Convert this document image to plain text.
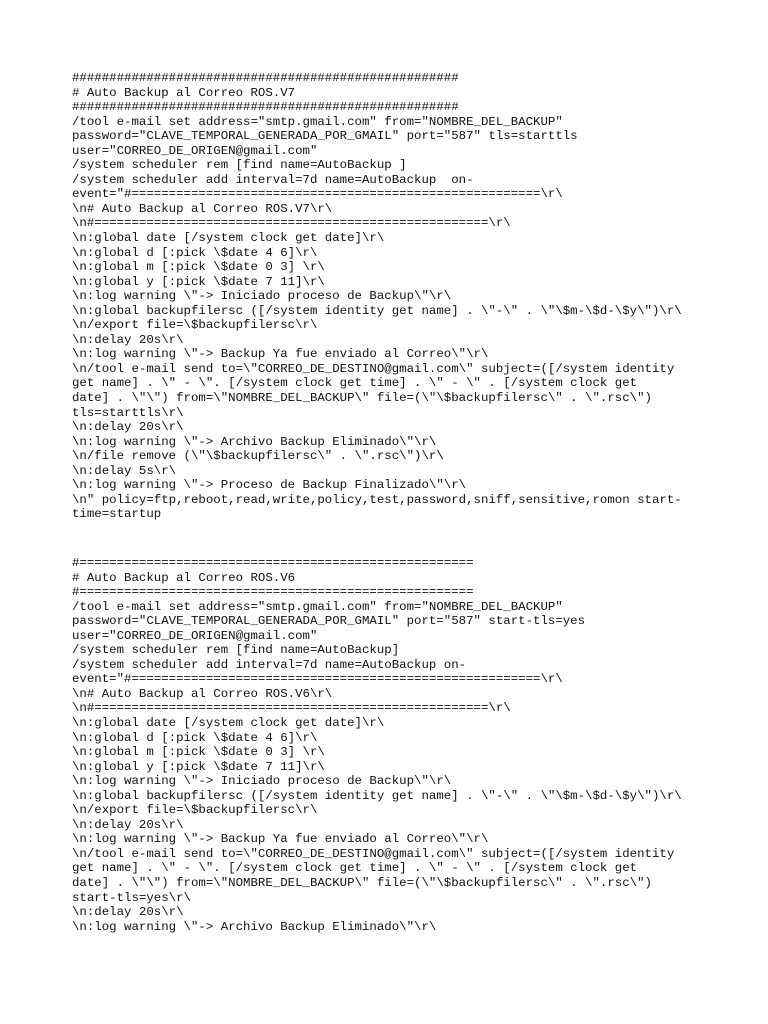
####################################################
# Auto Backup al Correo ROS.V7
####################################################
/tool e-mail set address="smtp.gmail.com" from="NOMBRE_DEL_BACKUP"
password="CLAVE_TEMPORAL_GENERADA_POR_GMAIL" port="587" tls=starttls
user="CORREO_DE_ORIGEN@gmail.com"
/system scheduler rem [find name=AutoBackup ]
/system scheduler add interval=7d name=AutoBackup  on-
event="#=======================================================\r\
\n# Auto Backup al Correo ROS.V7\r\
\n#=====================================================\r\
\n:global date [/system clock get date]\r\
\n:global d [:pick \$date 4 6]\r\
\n:global m [:pick \$date 0 3] \r\
\n:global y [:pick \$date 7 11]\r\
\n:log warning \"-> Iniciado proceso de Backup\"\r\
\n:global backupfilersc ([/system identity get name] . \"-\" . \"\$m-\$d-\$y\")\r\
\n/export file=\$backupfilersc\r\
\n:delay 20s\r\
\n:log warning \"-> Backup Ya fue enviado al Correo\"\r\
\n/tool e-mail send to=\"CORREO_DE_DESTINO@gmail.com\" subject=([/system identity
get name] . \" - \". [/system clock get time] . \" - \" . [/system clock get
date] . \"\") from=\"NOMBRE_DEL_BACKUP\" file=(\"\$backupfilersc\" . \".rsc\")
tls=starttls\r\
\n:delay 20s\r\
\n:log warning \"-> Archivo Backup Eliminado\"\r\
\n/file remove (\"\$backupfilersc\" . \".rsc\")\r\
\n:delay 5s\r\
\n:log warning \"-> Proceso de Backup Finalizado\"\r\
\n" policy=ftp,reboot,read,write,policy,test,password,sniff,sensitive,romon start-
time=startup
#=====================================================
# Auto Backup al Correo ROS.V6
#=====================================================
/tool e-mail set address="smtp.gmail.com" from="NOMBRE_DEL_BACKUP"
password="CLAVE_TEMPORAL_GENERADA_POR_GMAIL" port="587" start-tls=yes
user="CORREO_DE_ORIGEN@gmail.com"
/system scheduler rem [find name=AutoBackup]
/system scheduler add interval=7d name=AutoBackup on-
event="#=======================================================\r\
\n# Auto Backup al Correo ROS.V6\r\
\n#=====================================================\r\
\n:global date [/system clock get date]\r\
\n:global d [:pick \$date 4 6]\r\
\n:global m [:pick \$date 0 3] \r\
\n:global y [:pick \$date 7 11]\r\
\n:log warning \"-> Iniciado proceso de Backup\"\r\
\n:global backupfilersc ([/system identity get name] . \"-\" . \"\$m-\$d-\$y\")\r\
\n/export file=\$backupfilersc\r\
\n:delay 20s\r\
\n:log warning \"-> Backup Ya fue enviado al Correo\"\r\
\n/tool e-mail send to=\"CORREO_DE_DESTINO@gmail.com\" subject=([/system identity
get name] . \" - \". [/system clock get time] . \" - \" . [/system clock get
date] . \"\") from=\"NOMBRE_DEL_BACKUP\" file=(\"\$backupfilersc\" . \".rsc\")
start-tls=yes\r\
\n:delay 20s\r\
\n:log warning \"-> Archivo Backup Eliminado\"\r\
